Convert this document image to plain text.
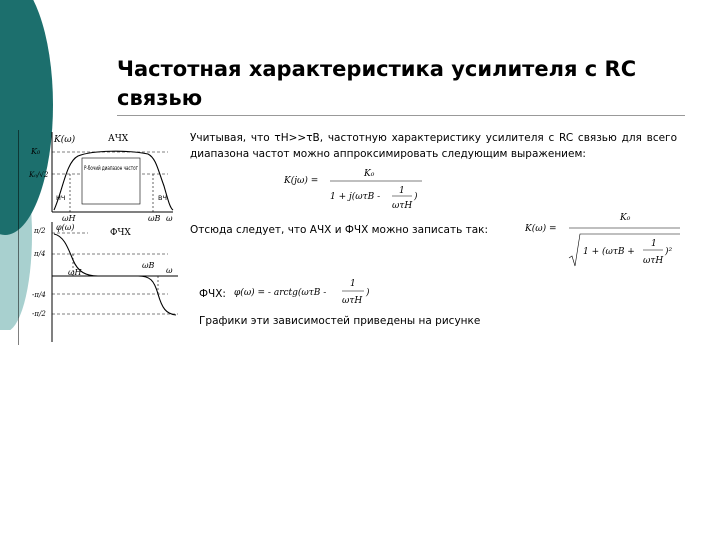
Частотная характеристика усилителя с RC связью
K(ω)	АЧХ
K₀
K₀/√2
Р-бочий диапазон частот
НЧ	ВЧ
ωН	ωВ ω
φ(ω)
ФЧХ
π/2
π/4
-π/4
-π/2
ωН
ωВ
ω
Учитывая, что τН>>τВ, частотную характеристику усилителя с RC связью для всего диапазона частот можно аппроксимировать следующим выражением:
K(jω) =
K₀
1 + j(ωτВ -
1
ωτН
)
Отсюда следует, что АЧХ и ФЧХ можно записать так:	K(ω) =
K₀
1 + (ωτВ +
1
ωτН
)²
ФЧХ: φ(ω) = - arctg(ωτВ -
1
ωτН
)
Графики эти зависимостей приведены на рисунке
